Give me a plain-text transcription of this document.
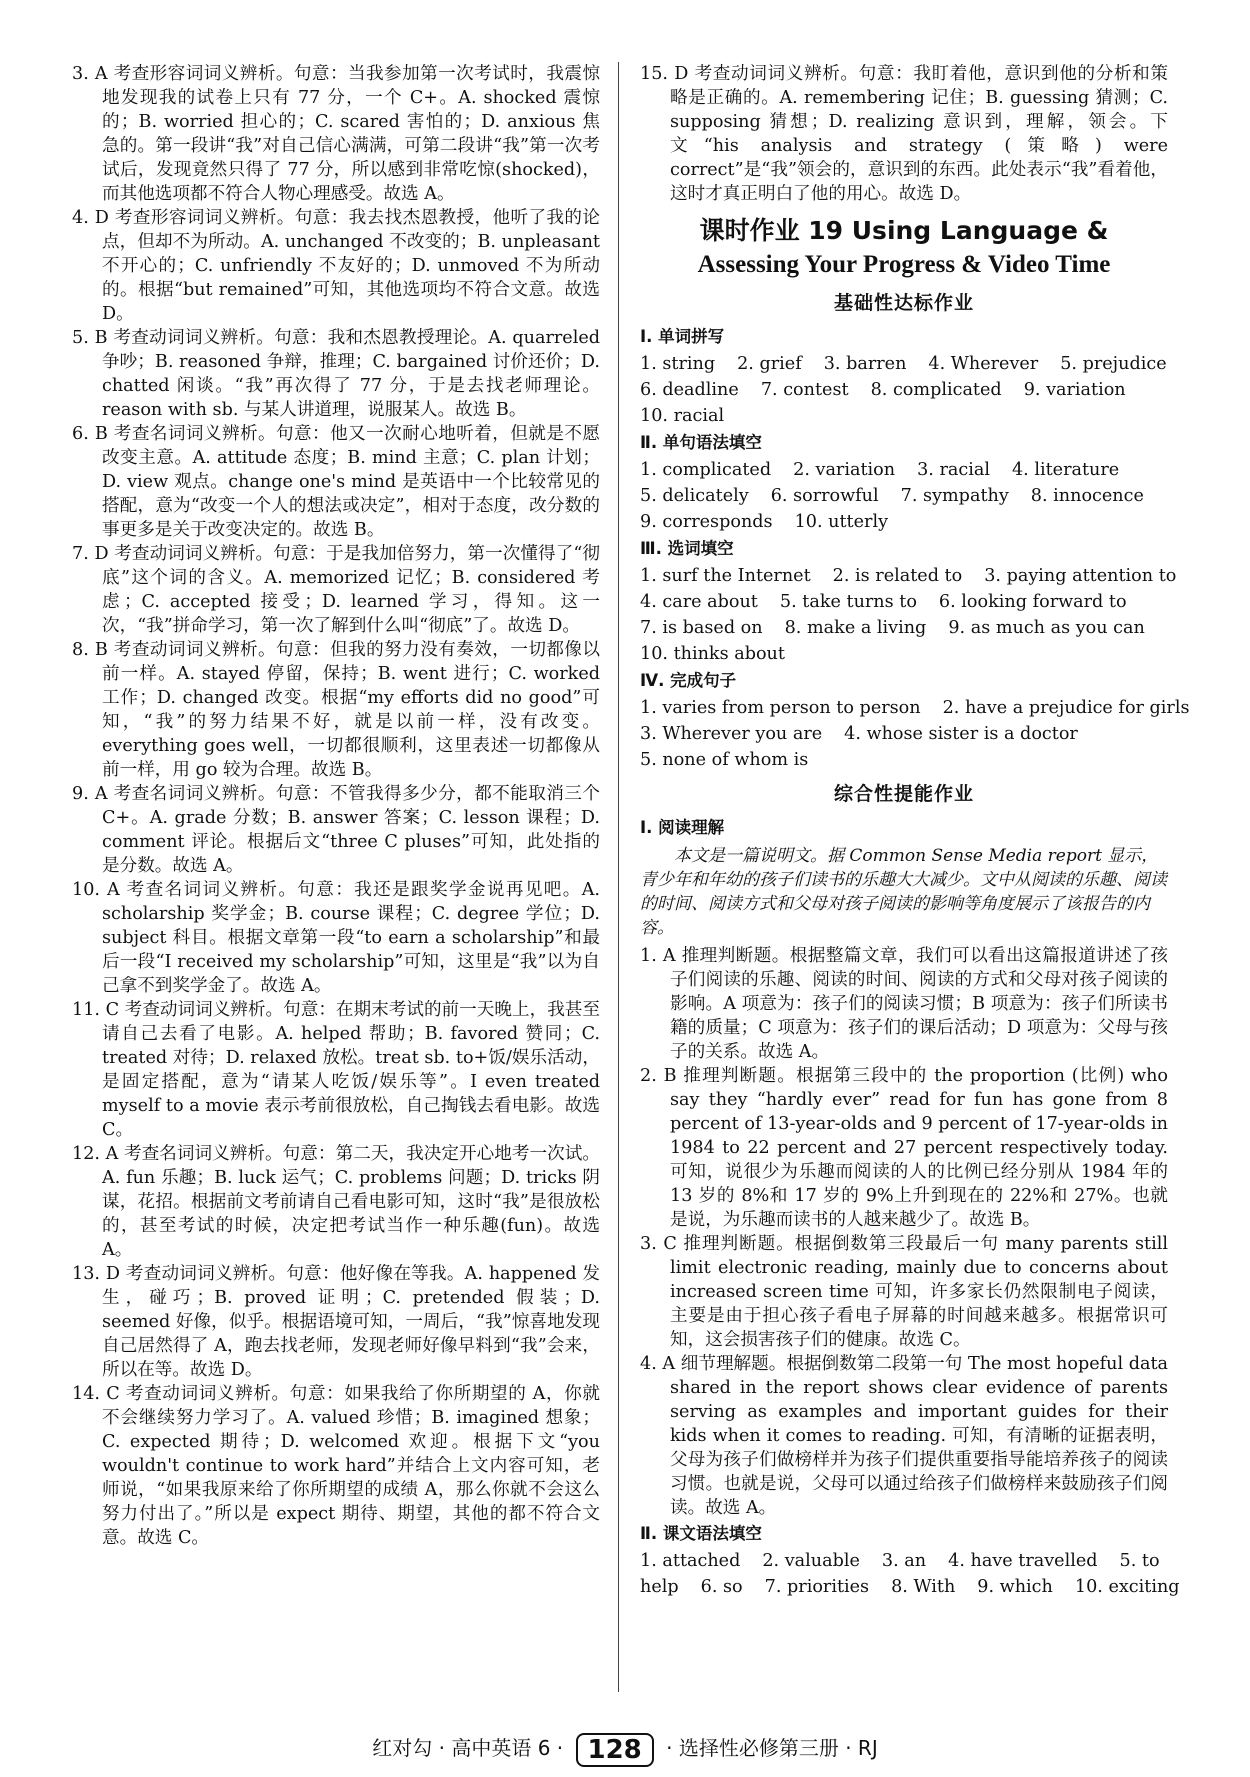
3. A 考查形容词词义辨析。句意：当我参加第一次考试时，我震惊地发现我的试卷上只有 77 分，一个 C+。A. shocked 震惊的；B. worried 担心的；C. scared 害怕的；D. anxious 焦急的。第一段讲“我”对自己信心满满，可第二段讲“我”第一次考试后，发现竟然只得了 77 分，所以感到非常吃惊(shocked)，而其他选项都不符合人物心理感受。故选 A。

4. D 考查形容词词义辨析。句意：我去找杰恩教授，他听了我的论点，但却不为所动。A. unchanged 不改变的；B. unpleasant 不开心的；C. unfriendly 不友好的；D. unmoved 不为所动的。根据“but remained”可知，其他选项均不符合文意。故选 D。

5. B 考查动词词义辨析。句意：我和杰恩教授理论。A. quarreled 争吵；B. reasoned 争辩，推理；C. bargained 讨价还价；D. chatted 闲谈。“我”再次得了 77 分，于是去找老师理论。reason with sb. 与某人讲道理，说服某人。故选 B。

6. B 考查名词词义辨析。句意：他又一次耐心地听着，但就是不愿改变主意。A. attitude 态度；B. mind 主意；C. plan 计划；D. view 观点。change one's mind 是英语中一个比较常见的搭配，意为“改变一个人的想法或决定”，相对于态度，改分数的事更多是关于改变决定的。故选 B。

7. D 考查动词词义辨析。句意：于是我加倍努力，第一次懂得了“彻底”这个词的含义。A. memorized 记忆；B. considered 考虑；C. accepted 接受；D. learned 学习，得知。这一次，“我”拼命学习，第一次了解到什么叫“彻底”了。故选 D。

8. B 考查动词词义辨析。句意：但我的努力没有奏效，一切都像以前一样。A. stayed 停留，保持；B. went 进行；C. worked 工作；D. changed 改变。根据“my efforts did no good”可知，“我”的努力结果不好，就是以前一样，没有改变。everything goes well，一切都很顺利，这里表述一切都像从前一样，用 go 较为合理。故选 B。

9. A 考查名词词义辨析。句意：不管我得多少分，都不能取消三个 C+。A. grade 分数；B. answer 答案；C. lesson 课程；D. comment 评论。根据后文“three C pluses”可知，此处指的是分数。故选 A。

10. A 考查名词词义辨析。句意：我还是跟奖学金说再见吧。A. scholarship 奖学金；B. course 课程；C. degree 学位；D. subject 科目。根据文章第一段“to earn a scholarship”和最后一段“I received my scholarship”可知，这里是“我”以为自己拿不到奖学金了。故选 A。

11. C 考查动词词义辨析。句意：在期末考试的前一天晚上，我甚至请自己去看了电影。A. helped 帮助；B. favored 赞同；C. treated 对待；D. relaxed 放松。treat sb. to+饭/娱乐活动，是固定搭配，意为“请某人吃饭/娱乐等”。I even treated myself to a movie 表示考前很放松，自己掏钱去看电影。故选 C。

12. A 考查名词词义辨析。句意：第二天，我决定开心地考一次试。A. fun 乐趣；B. luck 运气；C. problems 问题；D. tricks 阴谋，花招。根据前文考前请自己看电影可知，这时“我”是很放松的，甚至考试的时候，决定把考试当作一种乐趣(fun)。故选 A。

13. D 考查动词词义辨析。句意：他好像在等我。A. happened 发生，碰巧；B. proved 证明；C. pretended 假装；D. seemed 好像，似乎。根据语境可知，一周后，“我”惊喜地发现自己居然得了 A，跑去找老师，发现老师好像早料到“我”会来，所以在等。故选 D。

14. C 考查动词词义辨析。句意：如果我给了你所期望的 A，你就不会继续努力学习了。A. valued 珍惜；B. imagined 想象；C. expected 期待；D. welcomed 欢迎。根据下文“you wouldn't continue to work hard”并结合上文内容可知，老师说，“如果我原来给了你所期望的成绩 A，那么你就不会这么努力付出了。”所以是 expect 期待、期望，其他的都不符合文意。故选 C。

15. D 考查动词词义辨析。句意：我盯着他，意识到他的分析和策略是正确的。A. remembering 记住；B. guessing 猜测；C. supposing 猜想；D. realizing 意识到，理解，领会。下文“his analysis and strategy (策略) were correct”是“我”领会的，意识到的东西。此处表示“我”看着他，这时才真正明白了他的用心。故选 D。

课时作业 19 Using Language &
Assessing Your Progress & Video Time
基础性达标作业
Ⅰ. 单词拼写

1. string 2. grief 3. barren 4. Wherever 5. prejudice

6. deadline 7. contest 8. complicated 9. variation

10. racial

Ⅱ. 单句语法填空

1. complicated 2. variation 3. racial 4. literature

5. delicately 6. sorrowful 7. sympathy 8. innocence

9. corresponds 10. utterly

Ⅲ. 选词填空

1. surf the Internet 2. is related to 3. paying attention to

4. care about 5. take turns to 6. looking forward to

7. is based on 8. make a living 9. as much as you can

10. thinks about

Ⅳ. 完成句子

1. varies from person to person 2. have a prejudice for girls

3. Wherever you are 4. whose sister is a doctor

5. none of whom is

综合性提能作业
Ⅰ. 阅读理解

本文是一篇说明文。据 Common Sense Media report 显示，青少年和年幼的孩子们读书的乐趣大大减少。文中从阅读的乐趣、阅读的时间、阅读方式和父母对孩子阅读的影响等角度展示了该报告的内容。

1. A 推理判断题。根据整篇文章，我们可以看出这篇报道讲述了孩子们阅读的乐趣、阅读的时间、阅读的方式和父母对孩子阅读的影响。A 项意为：孩子们的阅读习惯；B 项意为：孩子们所读书籍的质量；C 项意为：孩子们的课后活动；D 项意为：父母与孩子的关系。故选 A。

2. B 推理判断题。根据第三段中的 the proportion (比例) who say they “hardly ever” read for fun has gone from 8 percent of 13-year-olds and 9 percent of 17-year-olds in 1984 to 22 percent and 27 percent respectively today. 可知，说很少为乐趣而阅读的人的比例已经分别从 1984 年的 13 岁的 8%和 17 岁的 9%上升到现在的 22%和 27%。也就是说，为乐趣而读书的人越来越少了。故选 B。

3. C 推理判断题。根据倒数第三段最后一句 many parents still limit electronic reading, mainly due to concerns about increased screen time 可知，许多家长仍然限制电子阅读，主要是由于担心孩子看电子屏幕的时间越来越多。根据常识可知，这会损害孩子们的健康。故选 C。

4. A 细节理解题。根据倒数第二段第一句 The most hopeful data shared in the report shows clear evidence of parents serving as examples and important guides for their kids when it comes to reading. 可知，有清晰的证据表明，父母为孩子们做榜样并为孩子们提供重要指导能培养孩子的阅读习惯。也就是说，父母可以通过给孩子们做榜样来鼓励孩子们阅读。故选 A。

Ⅱ. 课文语法填空

1. attached 2. valuable 3. an 4. have travelled 5. to

help 6. so 7. priorities 8. With 9. which 10. exciting

红对勾 · 高中英语 6 · 128 · 选择性必修第三册 · RJ
